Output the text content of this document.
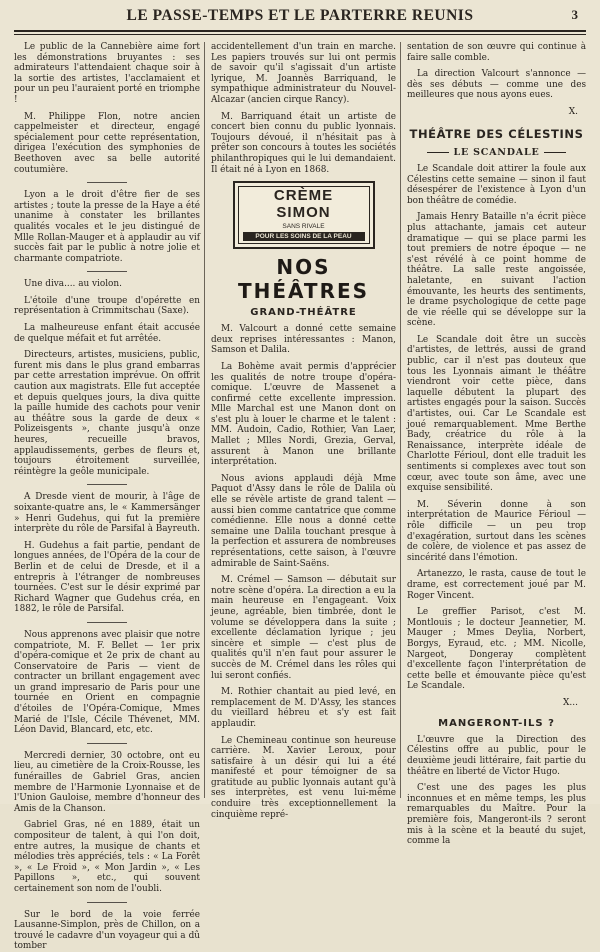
LE PASSE-TEMPS ET LE PARTERRE REUNIS	3

Le public de la Cannebière aime fort les démonstrations bruyantes : ses admirateurs l'attendaient chaque soir à la sortie des artistes, l'acclamaient et pour un peu l'auraient porté en triomphe !

M. Philippe Flon, notre ancien cappelmeister et directeur, engagé spécialement pour cette représentation, dirigea l'exécution des symphonies de Beethoven avec sa belle autorité coutumière.

Lyon a le droit d'être fier de ses artistes ; toute la presse de la Haye a été unanime à constater les brillantes qualités vocales et le jeu distingué de Mlle Rollan-Mauger et à applaudir au vif succès fait par le public à notre jolie et charmante compatriote.

Une diva.... au violon.

L'étoile d'une troupe d'opérette en représentation à Crimmitschau (Saxe).

La malheureuse enfant était accusée de quelque méfait et fut arrêtée.

Directeurs, artistes, musiciens, public, furent mis dans le plus grand embarras par cette arrestation imprévue. On offrit caution aux magistrats. Elle fut acceptée et depuis quelques jours, la diva quitte la paille humide des cachots pour venir au théâtre sous la garde de deux « Polizeisgents », chante jusqu'à onze heures, recueille bravos, applaudissements, gerbes de fleurs et, toujours étroitement surveillée, réintègre la geôle municipale.

A Dresde vient de mourir, à l'âge de soixante-quatre ans, le « Kammersänger » Henri Gudehus, qui fut la première interprète du rôle de Parsifal à Bayreuth.

H. Gudehus a fait partie, pendant de longues années, de l'Opéra de la cour de Berlin et de celui de Dresde, et il a entrepris à l'étranger de nombreuses tournées. C'est sur le désir exprimé par Richard Wagner que Gudehus créa, en 1882, le rôle de Parsifal.

Nous apprenons avec plaisir que notre compatriote, M. F. Bellet — 1er prix d'opéra-comique et 2e prix de chant au Conservatoire de Paris — vient de contracter un brillant engagement avec un grand impresario de Paris pour une tournée en Orient en compagnie d'étoiles de l'Opéra-Comique, Mmes Marié de l'Isle, Cécile Thévenet, MM. Léon David, Blancard, etc, etc.

Mercredi dernier, 30 octobre, ont eu lieu, au cimetière de la Croix-Rousse, les funérailles de Gabriel Gras, ancien membre de l'Harmonie Lyonnaise et de l'Union Gauloise, membre d'honneur des Amis de la Chanson.

Gabriel Gras, né en 1889, était un compositeur de talent, à qui l'on doit, entre autres, la musique de chants et mélodies très appréciés, tels : « La Forêt », « Le Froid », « Mon Jardin », « Les Papillons », etc., qui souvent certainement son nom de l'oubli.

Sur le bord de la voie ferrée Lausanne-Simplon, près de Chillon, on a trouvé le cadavre d'un voyageur qui a dû tomber

accidentellement d'un train en marche. Les papiers trouvés sur lui ont permis de savoir qu'il s'agissait d'un artiste lyrique, M. Joannès Barriquand, le sympathique administrateur du Nouvel-Alcazar (ancien cirque Rancy).

M. Barriquand était un artiste de concert bien connu du public lyonnais. Toujours dévoué, il n'hésitait pas à prêter son concours à toutes les sociétés philanthropiques qui le lui demandaient. Il était né à Lyon en 1868.

CRÈME
SIMON
SANS RIVALE
POUR LES SOINS DE LA PEAU
NOS THÉÂTRES
GRAND-THÉÂTRE

M. Valcourt a donné cette semaine deux reprises intéressantes : Manon, Samson et Dalila.

La Bohème avait permis d'apprécier les qualités de notre troupe d'opéra-comique. L'œuvre de Massenet a confirmé cette excellente impression. Mlle Marchal est une Manon dont on s'est plu à louer le charme et le talent : MM. Audoin, Cadio, Rothier, Van Laer, Mallet ; Mlles Nordi, Grezia, Gerval, assurent à Manon une brillante interprétation.

Nous avions applaudi déjà Mme Paquot d'Assy dans le rôle de Dalila où elle se révèle artiste de grand talent — aussi bien comme cantatrice que comme comédienne. Elle nous a donné cette semaine une Dalila touchant presque à la perfection et assurera de nombreuses représentations, cette saison, à l'œuvre admirable de Saint-Saëns.

M. Crémel — Samson — débutait sur notre scène d'opéra. La direction a eu la main heureuse en l'engageant. Voix jeune, agréable, bien timbrée, dont le volume se développera dans la suite ; excellente déclamation lyrique ; jeu sincère et simple — c'est plus de qualités qu'il n'en faut pour assurer le succès de M. Crémel dans les rôles qui lui seront confiés.

M. Rothier chantait au pied levé, en remplacement de M. D'Assy, les stances du vieillard hébreu et s'y est fait applaudir.

Le Chemineau continue son heureuse carrière. M. Xavier Leroux, pour satisfaire à un désir qui lui a été manifesté et pour témoigner de sa gratitude au public lyonnais autant qu'à ses interprètes, est venu lui-même conduire très exceptionnellement la cinquième repré-

sentation de son œuvre qui continue à faire salle comble.

La direction Valcourt s'annonce — dès ses débuts — comme une des meilleures que nous ayons eues.

X.
THÉÂTRE DES CÉLESTINS
LE SCANDALE

Le Scandale doit attirer la foule aux Célestins cette semaine — sinon il faut désespérer de l'existence à Lyon d'un bon théâtre de comédie.

Jamais Henry Bataille n'a écrit pièce plus attachante, jamais cet auteur dramatique — qui se place parmi les tout premiers de notre époque — ne s'est révélé à ce point homme de théâtre. La salle reste angoissée, haletante, en suivant l'action émouvante, les heurts des sentiments, le drame psychologique de cette page de vie réelle qui se développe sur la scène.

Le Scandale doit être un succès d'artistes, de lettrés, aussi de grand public, car il n'est pas douteux que tous les Lyonnais aimant le théâtre viendront voir cette pièce, dans laquelle débutent la plupart des artistes engagés pour la saison. Succès d'artistes, oui. Car Le Scandale est joué remarquablement. Mme Berthe Bady, créatrice du rôle à la Renaissance, interprète idéale de Charlotte Férioul, dont elle traduit les sentiments si complexes avec tout son cœur, avec toute son âme, avec une exquise sensibilité.

M. Séverin donne à son interprétation de Maurice Férioul — rôle difficile — un peu trop d'exagération, surtout dans les scènes de colère, de violence et pas assez de sincérité dans l'émotion.

Artanezzo, le rasta, cause de tout le drame, est correctement joué par M. Roger Vincent.

Le greffier Parisot, c'est M. Montlouis ; le docteur Jeannetier, M. Mauger ; Mmes Deylia, Norbert, Borgys, Eyraud, etc. ; MM. Nicolle, Nargeot, Dongeray complètent d'excellente façon l'interprétation de cette belle et émouvante pièce qu'est Le Scandale.

X...
MANGERONT-ILS ?

L'œuvre que la Direction des Célestins offre au public, pour le deuxième jeudi littéraire, fait partie du théâtre en liberté de Victor Hugo.

C'est une des pages les plus inconnues et en même temps, les plus remarquables du Maître. Pour la première fois, Mangeront-ils ? seront mis à la scène et la beauté du sujet, comme la
